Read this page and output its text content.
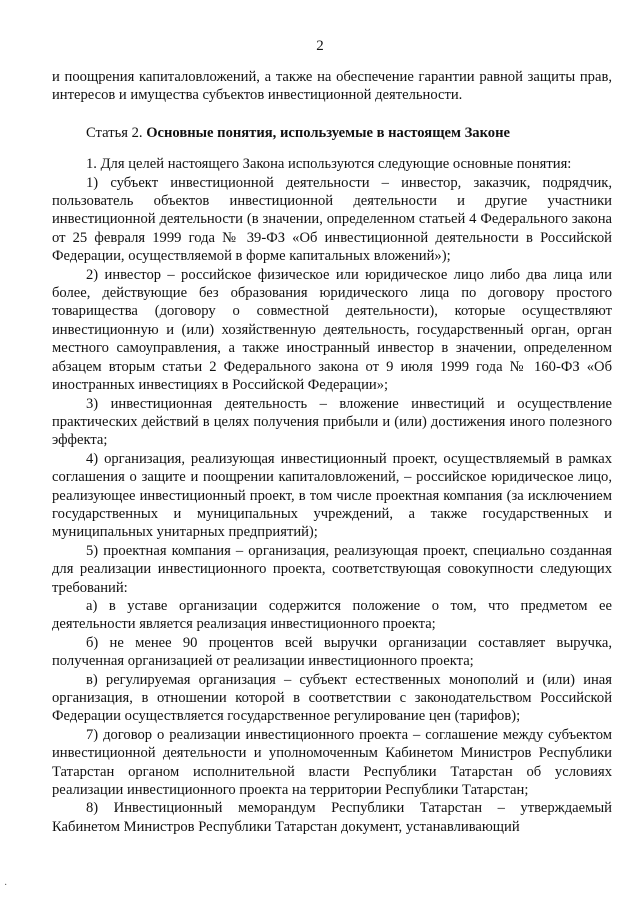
2

и поощрения капиталовложений, а также на обеспечение гарантии равной защиты прав, интересов и имущества субъектов инвестиционной деятельности.

Статья 2. Основные понятия, используемые в настоящем Законе

1. Для целей настоящего Закона используются следующие основные понятия:

1) субъект инвестиционной деятельности – инвестор, заказчик, подрядчик, пользователь объектов инвестиционной деятельности и другие участники инвестиционной деятельности (в значении, определенном статьей 4 Федерального закона от 25 февраля 1999 года № 39-ФЗ «Об инвестиционной деятельности в Российской Федерации, осуществляемой в форме капитальных вложений»);

2) инвестор – российское физическое или юридическое лицо либо два лица или более, действующие без образования юридического лица по договору простого товарищества (договору о совместной деятельности), которые осуществляют инвестиционную и (или) хозяйственную деятельность, государственный орган, орган местного самоуправления, а также иностранный инвестор в значении, определенном абзацем вторым статьи 2 Федерального закона от 9 июля 1999 года № 160-ФЗ «Об иностранных инвестициях в Российской Федерации»;

3) инвестиционная деятельность – вложение инвестиций и осуществление практических действий в целях получения прибыли и (или) достижения иного полезного эффекта;

4) организация, реализующая инвестиционный проект, осуществляемый в рамках соглашения о защите и поощрении капиталовложений, – российское юридическое лицо, реализующее инвестиционный проект, в том числе проектная компания (за исключением государственных и муниципальных учреждений, а также государственных и муниципальных унитарных предприятий);

5) проектная компания – организация, реализующая проект, специально созданная для реализации инвестиционного проекта, соответствующая совокупности следующих требований:

а) в уставе организации содержится положение о том, что предметом ее деятельности является реализация инвестиционного проекта;

б) не менее 90 процентов всей выручки организации составляет выручка, полученная организацией от реализации инвестиционного проекта;

в) регулируемая организация – субъект естественных монополий и (или) иная организация, в отношении которой в соответствии с законодательством Российской Федерации осуществляется государственное регулирование цен (тарифов);

7) договор о реализации инвестиционного проекта – соглашение между субъектом инвестиционной деятельности и уполномоченным Кабинетом Министров Республики Татарстан органом исполнительной власти Республики Татарстан об условиях реализации инвестиционного проекта на территории Республики Татарстан;

8) Инвестиционный меморандум Республики Татарстан – утверждаемый Кабинетом Министров Республики Татарстан документ, устанавливающий

·
